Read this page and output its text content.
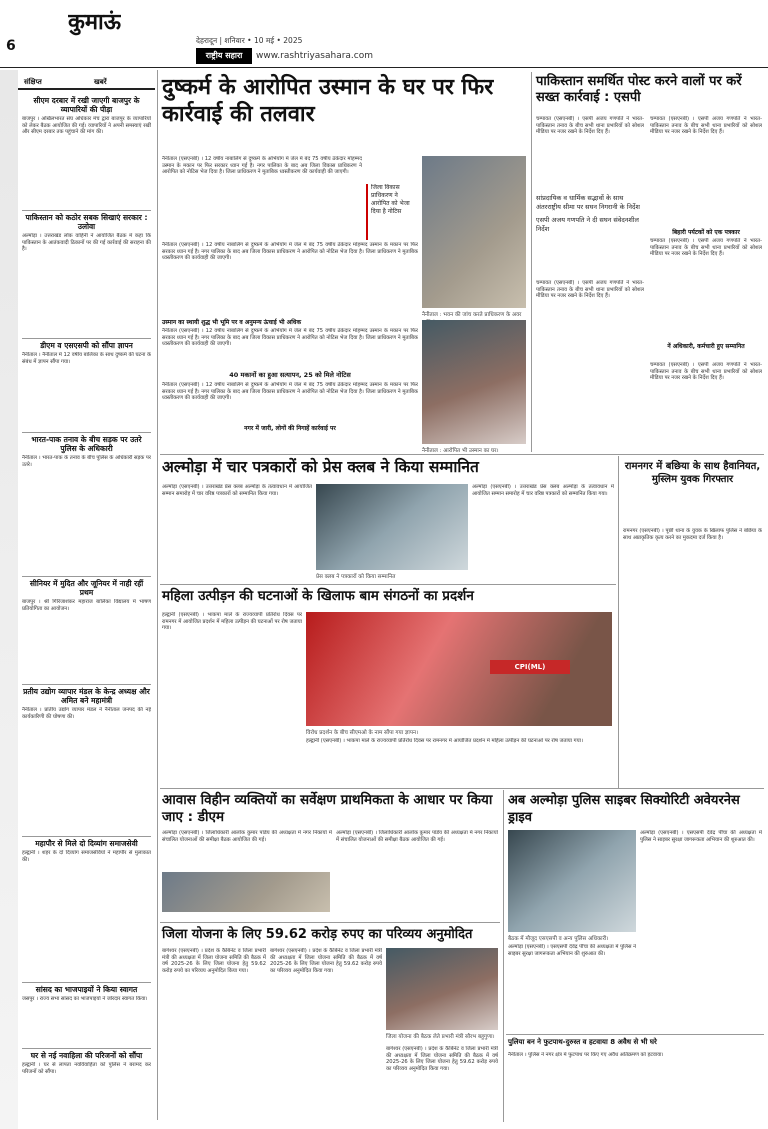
6
कुमाऊं
देहरादून | शनिवार • 10 मई • 2025
राष्ट्रीय सहारा	www.rashtriyasahara.com
संक्षिप्त	खबरें
सीएम दरबार में रखी जाएगी बाजपुर के व्यापारियों की पीड़ा
बाजपुर । अखिलभारत संघ अधिकार मंच द्वारा बाजपुर के व्यापारियों को लेकर बैठक आयोजित की गई। व्यापारियों ने अपनी समस्याएं रखीं और सीएम दरबार तक पहुंचाने की मांग की।
पाकिस्तान को कठोर सबक सिखाएं सरकार : उलोवा
अल्मोड़ा । उत्तराखंड लोक वाहिनी ने आयोजित बैठक में कहा कि पाकिस्तान के आतंकवादी ठिकानों पर की गई कार्रवाई की सराहना की है।
डीएम व एसएसपी को सौंपा ज्ञापन
नैनीताल । नैनीताल में 12 वर्षीय बालिका के साथ दुष्कर्म की घटना के संबंध में ज्ञापन सौंपा गया।
भारत-पाक तनाव के बीच सड़क पर उतरे पुलिस के अधिकारी
नैनीताल । भारत-पाक के तनाव के बीच पुलिस के अधिकारी सड़क पर उतरे।
सीनियर में मुदित और जूनियर में नाही रहीं प्रथम
बाजपुर । श्री गिरिजाशंकर महाराज बालिका विद्यालय में भाषण प्रतियोगिता का आयोजन।
प्रतीय उद्योग व्यापार मंडल के केन्द्र अध्यक्ष और अमित बने महामंत्री
नैनीताल । प्रांतीय उद्योग व्यापार मंडल ने नैनीताल जनपद की नई कार्यकारिणी की घोषणा की।
महापौर से मिले दो दिव्यांग समाजसेवी
हल्द्वानी । शहर के दो दिव्यांग समाजसेवियों ने महापौर से मुलाकात की।
सांसद का भाजपाइयों ने किया स्वागत
जसपुर । राज्य सभा सांसद का भाजपाइयों ने जोरदार स्वागत किया।
घर से नई नवाहिला की परिजनों को सौंपा
हल्द्वानी । घर से लापता नवविवाहिता को पुलिस ने बरामद कर परिजनों को सौंपा।
दुष्कर्म के आरोपित उस्मान के घर पर फिर कार्रवाई की तलवार
नैनीताल (एसएनबी) । 12 वर्षीय नाबालिग से दुष्कर्म के अभियोग में जेल में बंद 75 वर्षीय ठेकेदार मोहम्मद उस्मान के मकान पर फिर सरकार ध्यान गई है। नगर पालिका के बाद अब जिला विकास प्राधिकरण ने आरोपित को नोटिस भेज दिया है। जिला प्राधिकरण ने मुताबिक ध्वस्तीकरण की कार्यवाही की जाएगी।
जिला विकास प्राधिकरण ने आरोपित को भेजा दिया है नोटिस
नैनीताल : भवन की जांच करते प्राधिकरण के अवर
नैनीताल (एसएनबी) । 12 वर्षीय नाबालिग से दुष्कर्म के अभियोग में जेल में बंद 75 वर्षीय ठेकेदार मोहम्मद उस्मान के मकान पर फिर सरकार ध्यान गई है। नगर पालिका के बाद अब जिला विकास प्राधिकरण ने आरोपित को नोटिस भेज दिया है। जिला प्राधिकरण ने मुताबिक ध्वस्तीकरण की कार्यवाही की जाएगी।
उस्मान का स्थायी शुद्ध भी भूमि पर व अनुमन्य ऊंचाई भी अधिक
नैनीताल (एसएनबी) । 12 वर्षीय नाबालिग से दुष्कर्म के अभियोग में जेल में बंद 75 वर्षीय ठेकेदार मोहम्मद उस्मान के मकान पर फिर सरकार ध्यान गई है। नगर पालिका के बाद अब जिला विकास प्राधिकरण ने आरोपित को नोटिस भेज दिया है। जिला प्राधिकरण ने मुताबिक ध्वस्तीकरण की कार्यवाही की जाएगी।
40 मकानों का हुआ सत्यापन, 25 को मिले नोटिस
नैनीताल (एसएनबी) । 12 वर्षीय नाबालिग से दुष्कर्म के अभियोग में जेल में बंद 75 वर्षीय ठेकेदार मोहम्मद उस्मान के मकान पर फिर सरकार ध्यान गई है। नगर पालिका के बाद अब जिला विकास प्राधिकरण ने आरोपित को नोटिस भेज दिया है। जिला प्राधिकरण ने मुताबिक ध्वस्तीकरण की कार्यवाही की जाएगी।
नगर में जारी, लोगों की निगाहें कार्रवाई पर
नैनीताल : आरोपित भी उस्मान का घर।
पाकिस्तान समर्थित पोस्ट करने वालों पर करें सख्त कार्रवाई : एसपी
चम्पावत (एसएनबी) । एसपी अजय गणपति ने भारत-पाकिस्तान तनाव के बीच सभी थाना प्रभारियों को सोशल मीडिया पर नजर रखने के निर्देश दिए हैं।
सांप्रदायिक व धार्मिक सद्भावों के साथ अंतरराष्ट्रीय सीमा पर सघन निगरानी के निर्देश
एसपी अजय गणपति ने दी सघन संवेदनशील निर्देश
चम्पावत (एसएनबी) । एसपी अजय गणपति ने भारत-पाकिस्तान तनाव के बीच सभी थाना प्रभारियों को सोशल मीडिया पर नजर रखने के निर्देश दिए हैं।
चम्पावत (एसएनबी) । एसपी अजय गणपति ने भारत-पाकिस्तान तनाव के बीच सभी थाना प्रभारियों को सोशल मीडिया पर नजर रखने के निर्देश दिए हैं।
बिहारी पर्यटकों को एक पत्रकार
चम्पावत (एसएनबी) । एसपी अजय गणपति ने भारत-पाकिस्तान तनाव के बीच सभी थाना प्रभारियों को सोशल मीडिया पर नजर रखने के निर्देश दिए हैं।
नें अधिकारी, कर्मचारी हुए सम्मानित
चम्पावत (एसएनबी) । एसपी अजय गणपति ने भारत-पाकिस्तान तनाव के बीच सभी थाना प्रभारियों को सोशल मीडिया पर नजर रखने के निर्देश दिए हैं।
अल्मोड़ा में चार पत्रकारों को प्रेस क्लब ने किया सम्मानित
अल्मोड़ा (एसएनबी) । उत्तराखंड प्रेस क्लब अल्मोड़ा के तत्वावधान में आयोजित सम्मान समारोह में चार वरिष्ठ पत्रकारों को सम्मानित किया गया।
प्रेस क्लब ने पत्रकारों को किया सम्मानित
अल्मोड़ा (एसएनबी) । उत्तराखंड प्रेस क्लब अल्मोड़ा के तत्वावधान में आयोजित सम्मान समारोह में चार वरिष्ठ पत्रकारों को सम्मानित किया गया।
रामनगर में बछिया के साथ हैवानियत, मुस्लिम युवक गिरफ्तार
रामनगर (एसएनबी) । पूछी थाना के युवक के खिलाफ पुलिस ने बछिया के साथ अप्राकृतिक कृत्य करने का मुकदमा दर्ज किया है।
महिला उत्पीड़न की घटनाओं के खिलाफ बाम संगठनों का प्रदर्शन
हल्द्वानी (एसएनबी) । भाकपा माले के राज्यव्यापी प्रतिरोध दिवस पर रामनगर में आयोजित प्रदर्शन में महिला उत्पीड़न की घटनाओं पर रोष जताया गया।
CPI(ML)
विरोध प्रदर्शन के बीच सीएमओ के नाम सौंपा गया ज्ञापन।
हल्द्वानी (एसएनबी) । भाकपा माले के राज्यव्यापी प्रतिरोध दिवस पर रामनगर में आयोजित प्रदर्शन में महिला उत्पीड़न की घटनाओं पर रोष जताया गया।
आवास विहीन व्यक्तियों का सर्वेक्षण प्राथमिकता के आधार पर किया जाए : डीएम
अल्मोड़ा (एसएनबी) । जिलाधिकारी आलोक कुमार पांडेय की अध्यक्षता में नगर निकायों में संचालित योजनाओं की समीक्षा बैठक आयोजित की गई।
अल्मोड़ा (एसएनबी) । जिलाधिकारी आलोक कुमार पांडेय की अध्यक्षता में नगर निकायों में संचालित योजनाओं की समीक्षा बैठक आयोजित की गई।
अब अल्मोड़ा पुलिस साइबर सिक्योरिटी अवेयरनेस ड्राइव
बैठक में मौजूद एसएसपी व अन्य पुलिस अधिकारी।
अल्मोड़ा (एसएनबी) । एसएसपी देवेंद्र पींचा की अध्यक्षता में पुलिस ने साइबर सुरक्षा जागरूकता अभियान की शुरुआत की।
अल्मोड़ा (एसएनबी) । एसएसपी देवेंद्र पींचा की अध्यक्षता में पुलिस ने साइबर सुरक्षा जागरूकता अभियान की शुरुआत की।
पुलिया बन ने फुटपाथ-दुरुस्त व हटवाया 8 अवैध से भी घरे
नैनीताल । पुलिस ने नगर क्षेत्र में फुटपाथ पर किए गए अवैध अतिक्रमण को हटवाया।
जिला योजना के लिए 59.62 करोड़ रुपए का परिव्यय अनुमोदित
बागेश्वर (एसएनबी) । प्रदेश के कैबिनेट व जिला प्रभारी मंत्री की अध्यक्षता में जिला योजना समिति की बैठक में वर्ष 2025-26 के लिए जिला योजना हेतु 59.62 करोड़ रुपये का परिव्यय अनुमोदित किया गया।
बागेश्वर (एसएनबी) । प्रदेश के कैबिनेट व जिला प्रभारी मंत्री की अध्यक्षता में जिला योजना समिति की बैठक में वर्ष 2025-26 के लिए जिला योजना हेतु 59.62 करोड़ रुपये का परिव्यय अनुमोदित किया गया।
जिला योजना की बैठक लेते प्रभारी मंत्री सौरभ बहुगुणा।
बागेश्वर (एसएनबी) । प्रदेश के कैबिनेट व जिला प्रभारी मंत्री की अध्यक्षता में जिला योजना समिति की बैठक में वर्ष 2025-26 के लिए जिला योजना हेतु 59.62 करोड़ रुपये का परिव्यय अनुमोदित किया गया।
